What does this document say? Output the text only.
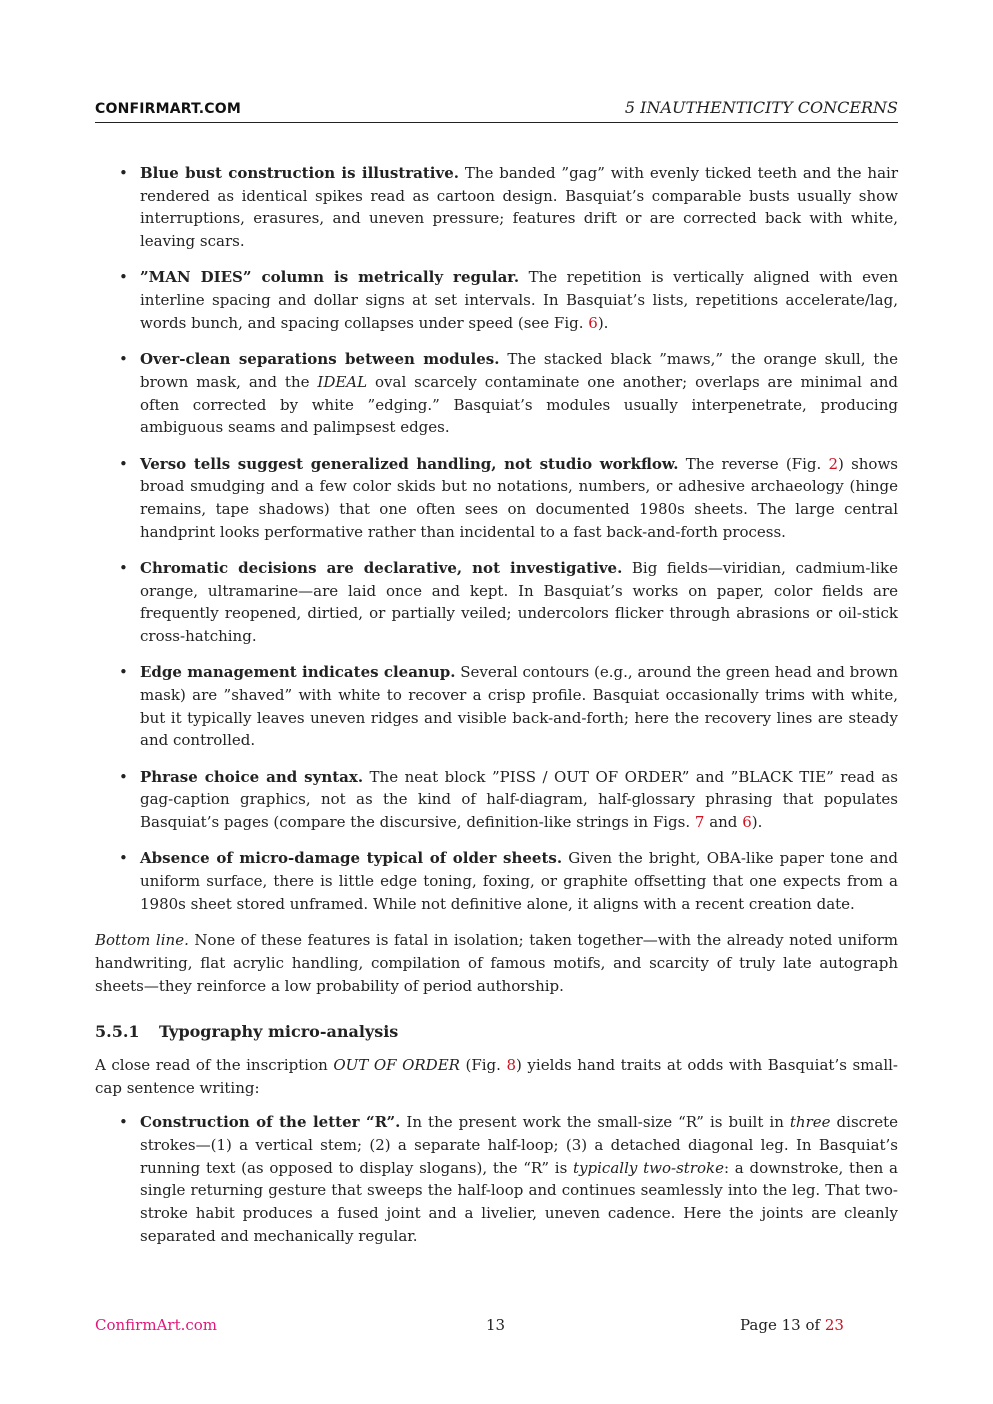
CONFIRMART.COM	5 INAUTHENTICITY CONCERNS
• Blue bust construction is illustrative. The banded ”gag” with evenly ticked teeth and the hair rendered as identical spikes read as cartoon design. Basquiat’s comparable busts usually show interruptions, erasures, and uneven pressure; features drift or are corrected back with white, leaving scars.
• ”MAN DIES” column is metrically regular. The repetition is vertically aligned with even interline spacing and dollar signs at set intervals. In Basquiat’s lists, repetitions accelerate/lag, words bunch, and spacing collapses under speed (see Fig. 6).
• Over-clean separations between modules. The stacked black ”maws,” the orange skull, the brown mask, and the IDEAL oval scarcely contaminate one another; overlaps are minimal and often corrected by white ”edging.” Basquiat’s modules usually interpenetrate, producing ambiguous seams and palimpsest edges.
• Verso tells suggest generalized handling, not studio workflow. The reverse (Fig. 2) shows broad smudging and a few color skids but no notations, numbers, or adhesive archaeology (hinge remains, tape shadows) that one often sees on documented 1980s sheets. The large central handprint looks performative rather than incidental to a fast back-and-forth process.
• Chromatic decisions are declarative, not investigative. Big fields—viridian, cadmium-like orange, ultramarine—are laid once and kept. In Basquiat’s works on paper, color fields are frequently reopened, dirtied, or partially veiled; undercolors flicker through abrasions or oil-stick cross-hatching.
• Edge management indicates cleanup. Several contours (e.g., around the green head and brown mask) are ”shaved” with white to recover a crisp profile. Basquiat occasionally trims with white, but it typically leaves uneven ridges and visible back-and-forth; here the recovery lines are steady and controlled.
• Phrase choice and syntax. The neat block ”PISS / OUT OF ORDER” and ”BLACK TIE” read as gag-caption graphics, not as the kind of half-diagram, half-glossary phrasing that populates Basquiat’s pages (compare the discursive, definition-like strings in Figs. 7 and 6).
• Absence of micro-damage typical of older sheets. Given the bright, OBA-like paper tone and uniform surface, there is little edge toning, foxing, or graphite offsetting that one expects from a 1980s sheet stored unframed. While not definitive alone, it aligns with a recent creation date.

Bottom line. None of these features is fatal in isolation; taken together—with the already noted uniform handwriting, flat acrylic handling, compilation of famous motifs, and scarcity of truly late autograph sheets—they reinforce a low probability of period authorship.

5.5.1 Typography micro-analysis

A close read of the inscription OUT OF ORDER (Fig. 8) yields hand traits at odds with Basquiat’s small-cap sentence writing:

• Construction of the letter “R”. In the present work the small-size “R” is built in three discrete strokes—(1) a vertical stem; (2) a separate half-loop; (3) a detached diagonal leg. In Basquiat’s running text (as opposed to display slogans), the “R” is typically two-stroke: a downstroke, then a single returning gesture that sweeps the half-loop and continues seamlessly into the leg. That two-stroke habit produces a fused joint and a livelier, uneven cadence. Here the joints are cleanly separated and mechanically regular.
ConfirmArt.com	13	Page 13 of 23
